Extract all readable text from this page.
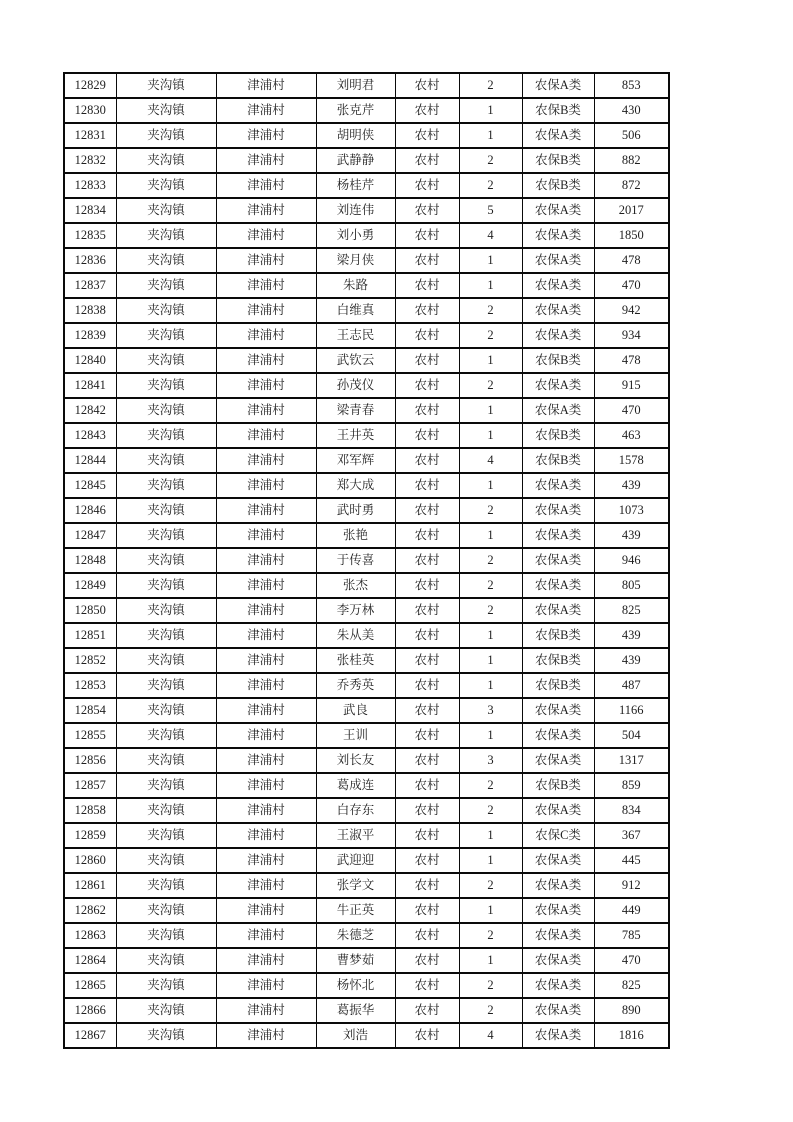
12829	夹沟镇	津浦村	刘明君	农村	2	农保A类	853
12830	夹沟镇	津浦村	张克芹	农村	1	农保B类	430
12831	夹沟镇	津浦村	胡明侠	农村	1	农保A类	506
12832	夹沟镇	津浦村	武静静	农村	2	农保B类	882
12833	夹沟镇	津浦村	杨桂芹	农村	2	农保B类	872
12834	夹沟镇	津浦村	刘连伟	农村	5	农保A类	2017
12835	夹沟镇	津浦村	刘小勇	农村	4	农保A类	1850
12836	夹沟镇	津浦村	梁月侠	农村	1	农保A类	478
12837	夹沟镇	津浦村	朱路	农村	1	农保A类	470
12838	夹沟镇	津浦村	白维真	农村	2	农保A类	942
12839	夹沟镇	津浦村	王志民	农村	2	农保A类	934
12840	夹沟镇	津浦村	武钦云	农村	1	农保B类	478
12841	夹沟镇	津浦村	孙茂仪	农村	2	农保A类	915
12842	夹沟镇	津浦村	梁青春	农村	1	农保A类	470
12843	夹沟镇	津浦村	王井英	农村	1	农保B类	463
12844	夹沟镇	津浦村	邓军辉	农村	4	农保B类	1578
12845	夹沟镇	津浦村	郑大成	农村	1	农保A类	439
12846	夹沟镇	津浦村	武时勇	农村	2	农保A类	1073
12847	夹沟镇	津浦村	张艳	农村	1	农保A类	439
12848	夹沟镇	津浦村	于传喜	农村	2	农保A类	946
12849	夹沟镇	津浦村	张杰	农村	2	农保A类	805
12850	夹沟镇	津浦村	李万林	农村	2	农保A类	825
12851	夹沟镇	津浦村	朱从美	农村	1	农保B类	439
12852	夹沟镇	津浦村	张桂英	农村	1	农保B类	439
12853	夹沟镇	津浦村	乔秀英	农村	1	农保B类	487
12854	夹沟镇	津浦村	武良	农村	3	农保A类	1166
12855	夹沟镇	津浦村	王训	农村	1	农保A类	504
12856	夹沟镇	津浦村	刘长友	农村	3	农保A类	1317
12857	夹沟镇	津浦村	葛成连	农村	2	农保B类	859
12858	夹沟镇	津浦村	白存东	农村	2	农保A类	834
12859	夹沟镇	津浦村	王淑平	农村	1	农保C类	367
12860	夹沟镇	津浦村	武迎迎	农村	1	农保A类	445
12861	夹沟镇	津浦村	张学文	农村	2	农保A类	912
12862	夹沟镇	津浦村	牛正英	农村	1	农保A类	449
12863	夹沟镇	津浦村	朱德芝	农村	2	农保A类	785
12864	夹沟镇	津浦村	曹梦茹	农村	1	农保A类	470
12865	夹沟镇	津浦村	杨怀北	农村	2	农保A类	825
12866	夹沟镇	津浦村	葛振华	农村	2	农保A类	890
12867	夹沟镇	津浦村	刘浩	农村	4	农保A类	1816
